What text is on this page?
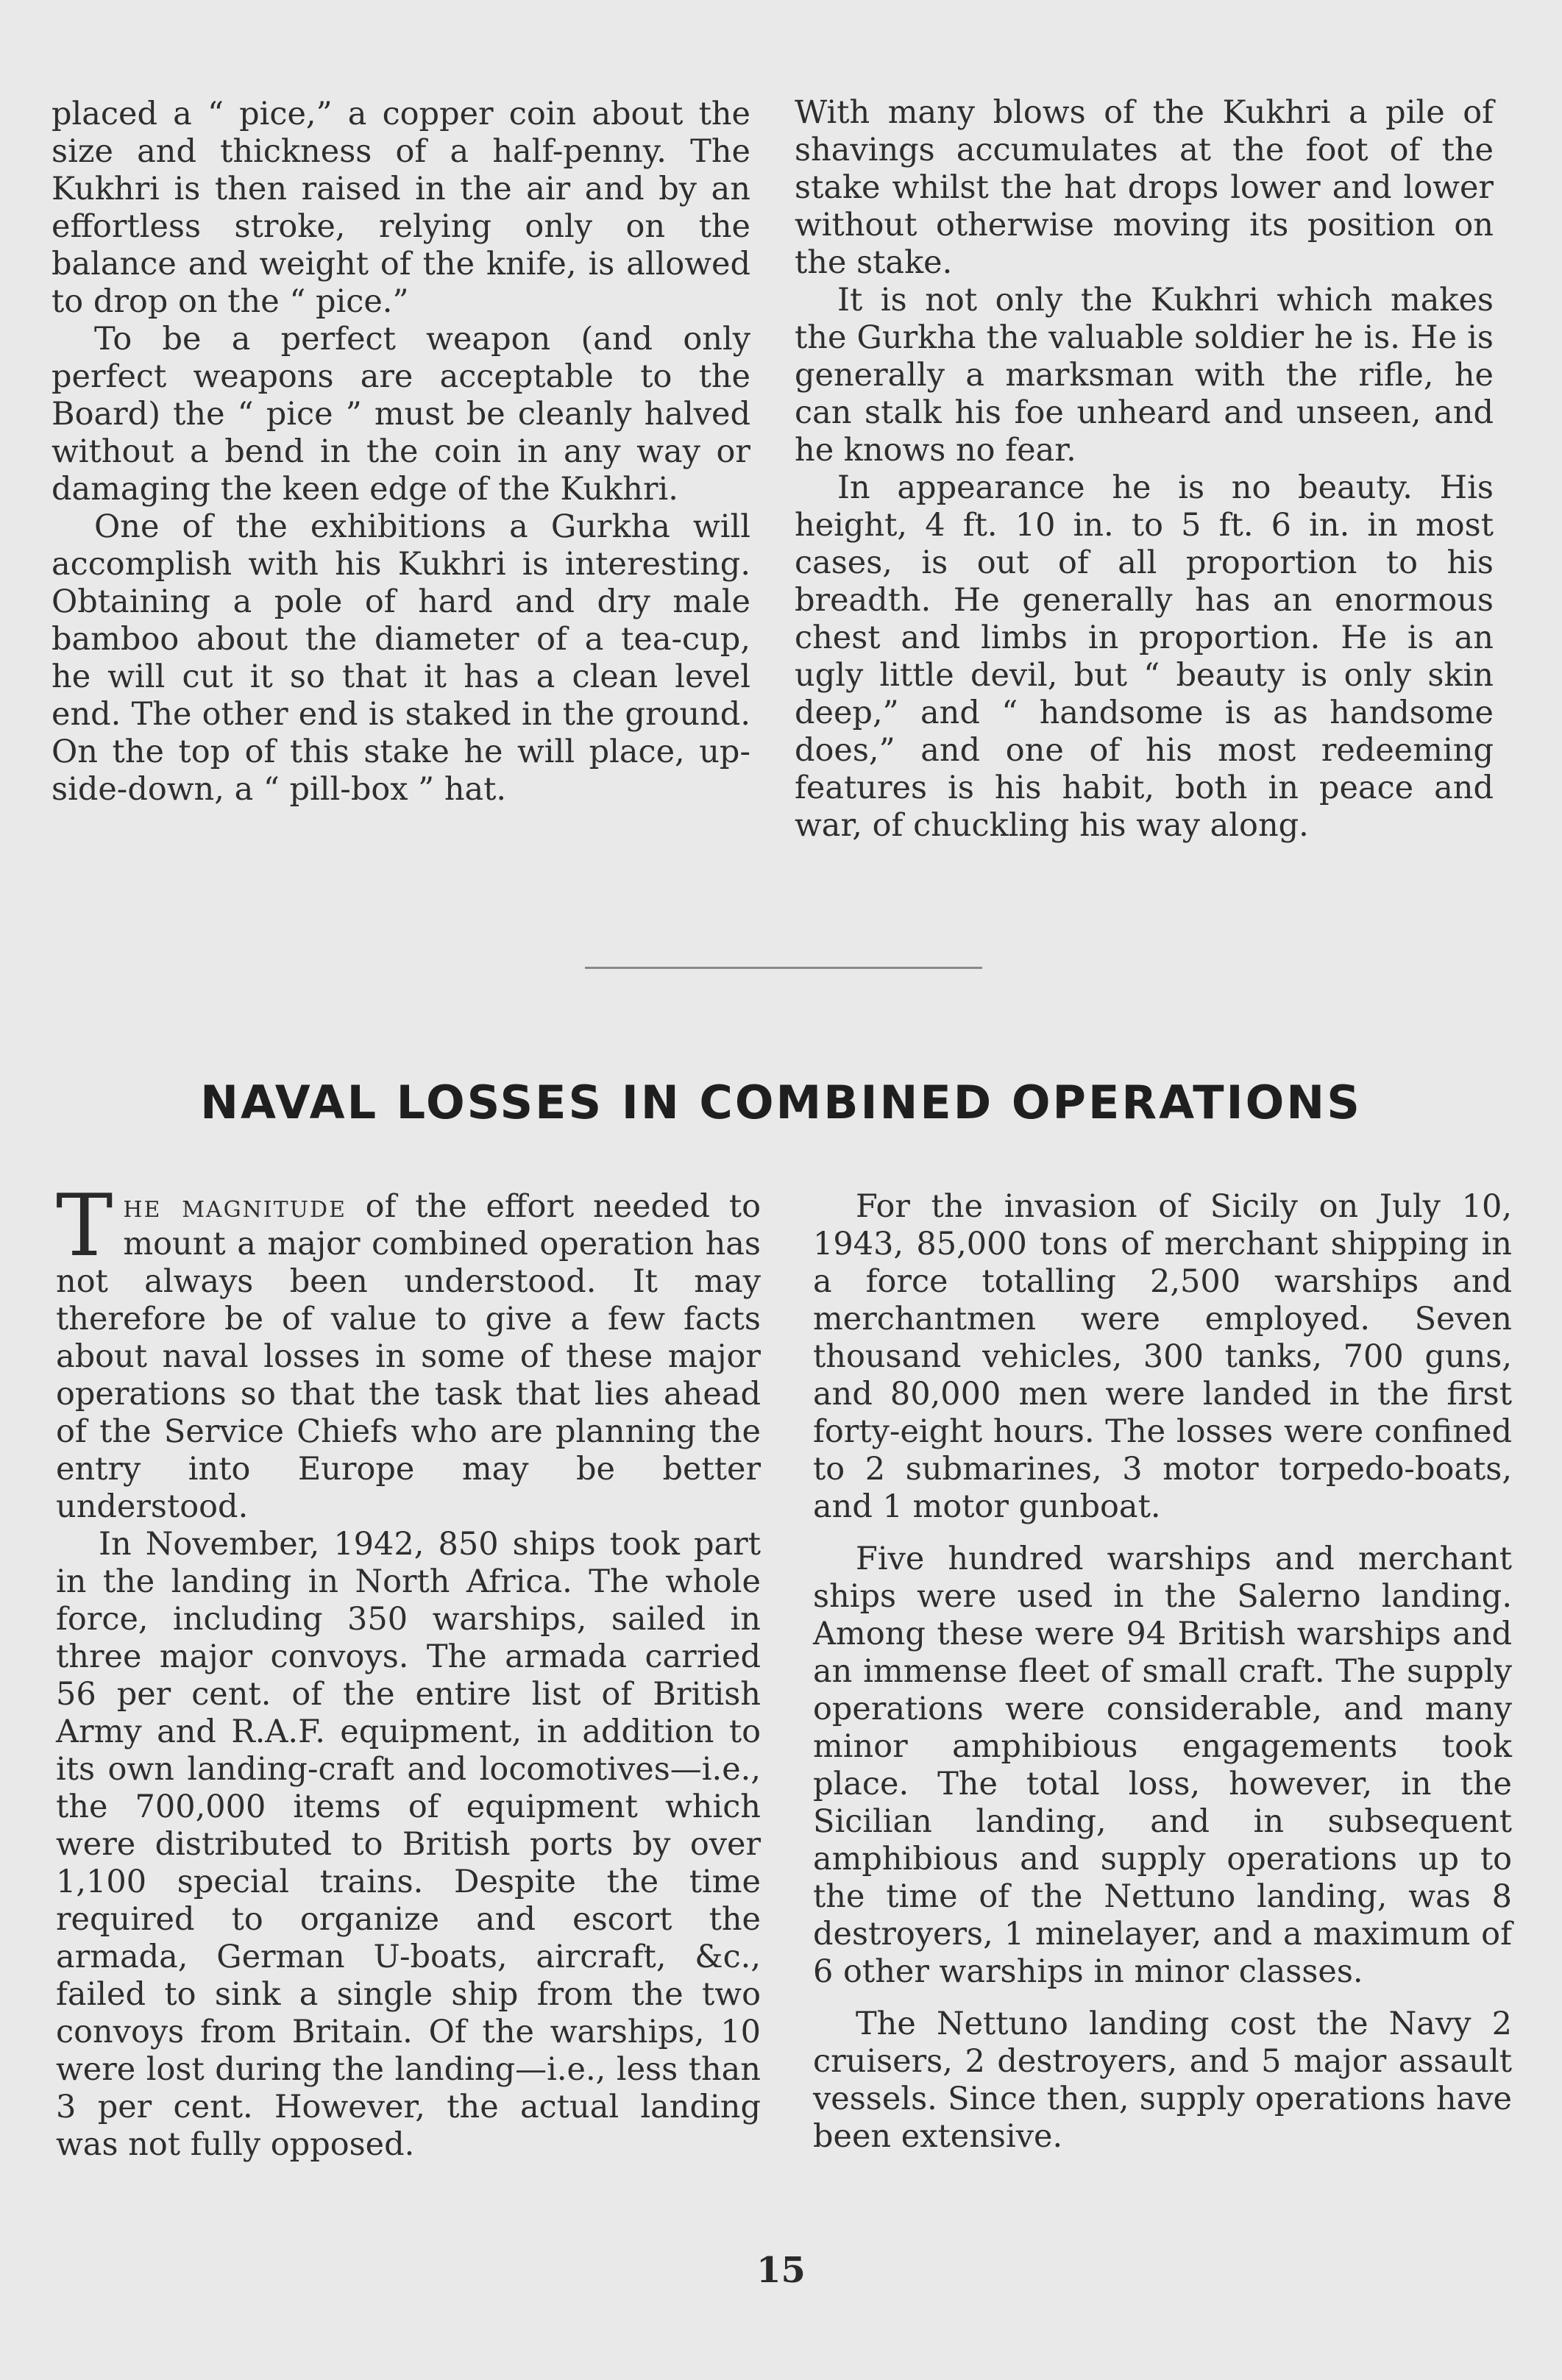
placed a “ pice,” a copper coin about the size and thickness of a half-penny. The Kukhri is then raised in the air and by an effortless stroke, relying only on the balance and weight of the knife, is allowed to drop on the “ pice.”

To be a perfect weapon (and only perfect weapons are acceptable to the Board) the “ pice ” must be cleanly halved without a bend in the coin in any way or damaging the keen edge of the Kukhri.

One of the exhibitions a Gurkha will accomplish with his Kukhri is interesting. Obtaining a pole of hard and dry male bamboo about the diameter of a tea-cup, he will cut it so that it has a clean level end. The other end is staked in the ground. On the top of this stake he will place, up-side-down, a “ pill-box ” hat.

With many blows of the Kukhri a pile of shavings accumulates at the foot of the stake whilst the hat drops lower and lower without otherwise moving its position on the stake.

It is not only the Kukhri which makes the Gurkha the valuable soldier he is. He is generally a marksman with the rifle, he can stalk his foe unheard and unseen, and he knows no fear.

In appearance he is no beauty. His height, 4 ft. 10 in. to 5 ft. 6 in. in most cases, is out of all proportion to his breadth. He generally has an enormous chest and limbs in proportion. He is an ugly little devil, but “ beauty is only skin deep,” and “ handsome is as handsome does,” and one of his most redeeming features is his habit, both in peace and war, of chuckling his way along.

NAVAL LOSSES IN COMBINED OPERATIONS

The magnitude of the effort needed to mount a major combined operation has not always been understood. It may therefore be of value to give a few facts about naval losses in some of these major operations so that the task that lies ahead of the Service Chiefs who are planning the entry into Europe may be better understood.

In November, 1942, 850 ships took part in the landing in North Africa. The whole force, including 350 warships, sailed in three major convoys. The armada carried 56 per cent. of the entire list of British Army and R.A.F. equipment, in addition to its own landing-craft and locomotives—i.e., the 700,000 items of equipment which were distributed to British ports by over 1,100 special trains. Despite the time required to organize and escort the armada, German U-boats, aircraft, &c., failed to sink a single ship from the two convoys from Britain. Of the warships, 10 were lost during the landing—i.e., less than 3 per cent. However, the actual landing was not fully opposed.

For the invasion of Sicily on July 10, 1943, 85,000 tons of merchant shipping in a force totalling 2,500 warships and merchantmen were employed. Seven thousand vehicles, 300 tanks, 700 guns, and 80,000 men were landed in the first forty-eight hours. The losses were confined to 2 submarines, 3 motor torpedo-boats, and 1 motor gunboat.

Five hundred warships and merchant ships were used in the Salerno landing. Among these were 94 British warships and an immense fleet of small craft. The supply operations were considerable, and many minor amphibious engagements took place. The total loss, however, in the Sicilian landing, and in subsequent amphibious and supply operations up to the time of the Nettuno landing, was 8 destroyers, 1 minelayer, and a maximum of 6 other warships in minor classes.

The Nettuno landing cost the Navy 2 cruisers, 2 destroyers, and 5 major assault vessels. Since then, supply operations have been extensive.

15
